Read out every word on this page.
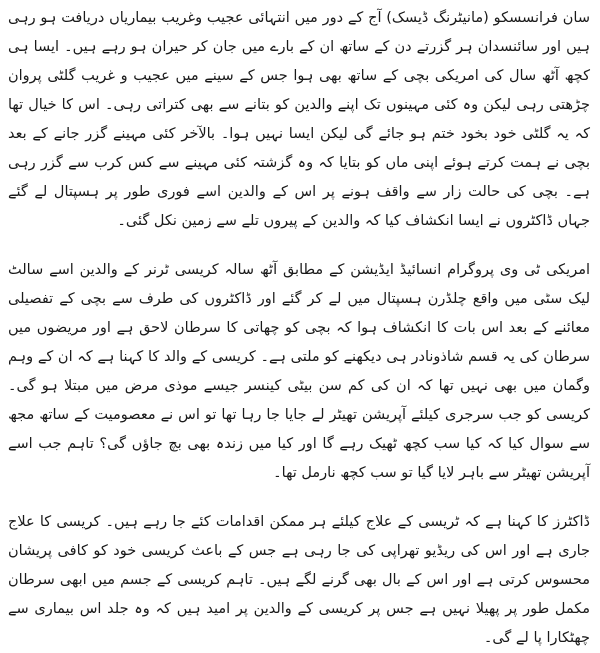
سان فرانسسکو (مانیٹرنگ ڈیسک) آج کے دور میں انتہائی عجیب وغریب بیماریاں دریافت ہو رہی ہیں اور سائنسدان ہر گزرتے دن کے ساتھ ان کے بارے میں جان کر حیران ہو رہے ہیں۔ ایسا ہی کچھ آٹھ سال کی امریکی بچی کے ساتھ بھی ہوا جس کے سینے میں عجیب و غریب گلٹی پروان چڑھتی رہی لیکن وہ کئی مہینوں تک اپنے والدین کو بتانے سے بھی کتراتی رہی۔ اس کا خیال تھا کہ یہ گلٹی خود بخود ختم ہو جائے گی لیکن ایسا نہیں ہوا۔ بالآخر کئی مہینے گزر جانے کے بعد بچی نے ہمت کرتے ہوئے اپنی ماں کو بتایا کہ وہ گزشتہ کئی مہینے سے کس کرب سے گزر رہی ہے۔ بچی کی حالت زار سے واقف ہونے پر اس کے والدین اسے فوری طور پر ہسپتال لے گئے جہاں ڈاکٹروں نے ایسا انکشاف کیا کہ والدین کے پیروں تلے سے زمین نکل گئی۔

امریکی ٹی وی پروگرام انسائیڈ ایڈیشن کے مطابق آٹھ سالہ کریسی ٹرنر کے والدین اسے سالٹ لیک سٹی میں واقع چلڈرن ہسپتال میں لے کر گئے اور ڈاکٹروں کی طرف سے بچی کے تفصیلی معائنے کے بعد اس بات کا انکشاف ہوا کہ بچی کو چھاتی کا سرطان لاحق ہے اور مریضوں میں سرطان کی یہ قسم شاذونادر ہی دیکھنے کو ملتی ہے۔ کریسی کے والد کا کہنا ہے کہ ان کے وہم وگمان میں بھی نہیں تھا کہ ان کی کم سن بیٹی کینسر جیسے موذی مرض میں مبتلا ہو گی۔ کریسی کو جب سرجری کیلئے آپریشن تھیٹر لے جایا جا رہا تھا تو اس نے معصومیت کے ساتھ مجھ سے سوال کیا کہ کیا سب کچھ ٹھیک رہے گا اور کیا میں زندہ بھی بچ جاؤں گی؟ تاہم جب اسے آپریشن تھیٹر سے باہر لایا گیا تو سب کچھ نارمل تھا۔

ڈاکٹرز کا کہنا ہے کہ ٹریسی کے علاج کیلئے ہر ممکن اقدامات کئے جا رہے ہیں۔ کریسی کا علاج جاری ہے اور اس کی ریڈیو تھراپی کی جا رہی ہے جس کے باعث کریسی خود کو کافی پریشان محسوس کرتی ہے اور اس کے بال بھی گرنے لگے ہیں۔ تاہم کریسی کے جسم میں ابھی سرطان مکمل طور پر پھیلا نہیں ہے جس پر کریسی کے والدین پر امید ہیں کہ وہ جلد اس بیماری سے چھٹکارا پا لے گی۔
